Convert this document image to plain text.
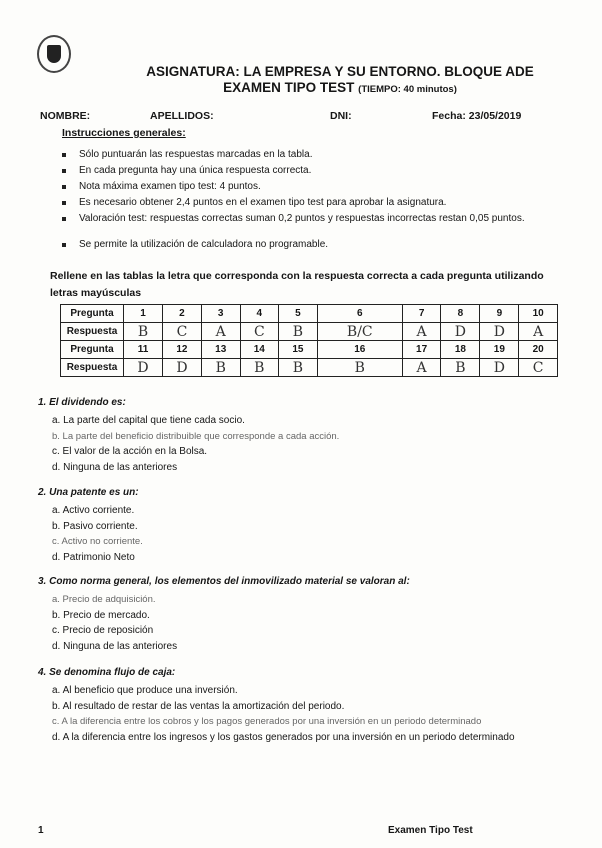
ASIGNATURA: LA EMPRESA Y SU ENTORNO. BLOQUE ADE
EXAMEN TIPO TEST (TIEMPO: 40 minutos)
NOMBRE:	APELLIDOS:	DNI:	Fecha: 23/05/2019
Instrucciones generales:
Sólo puntuarán las respuestas marcadas en la tabla.
En cada pregunta hay una única respuesta correcta.
Nota máxima examen tipo test: 4 puntos.
Es necesario obtener 2,4 puntos en el examen tipo test para aprobar la asignatura.
Valoración test: respuestas correctas suman 0,2 puntos y respuestas incorrectas restan 0,05 puntos.
Se permite la utilización de calculadora no programable.
Rellene en las tablas la letra que corresponda con la respuesta correcta a cada pregunta utilizando
letras mayúsculas
Pregunta	1	2	3	4	5	6	7	8	9	10
Respuesta	B	C	A	C	B	B/C	A	D	D	A
Pregunta	11	12	13	14	15	16	17	18	19	20
Respuesta	D	D	B	B	B	B	A	B	D	C
1. El dividendo es:
a. La parte del capital que tiene cada socio.
b. La parte del beneficio distribuible que corresponde a cada acción.
c. El valor de la acción en la Bolsa.
d. Ninguna de las anteriores
2. Una patente es un:
a. Activo corriente.
b. Pasivo corriente.
c. Activo no corriente.
d. Patrimonio Neto
3. Como norma general, los elementos del inmovilizado material se valoran al:
a. Precio de adquisición.
b. Precio de mercado.
c. Precio de reposición
d. Ninguna de las anteriores
4. Se denomina flujo de caja:
a. Al beneficio que produce una inversión.
b. Al resultado de restar de las ventas la amortización del periodo.
c. A la diferencia entre los cobros y los pagos generados por una inversión en un periodo determinado
d. A la diferencia entre los ingresos y los gastos generados por una inversión en un periodo determinado
1	Examen Tipo Test
